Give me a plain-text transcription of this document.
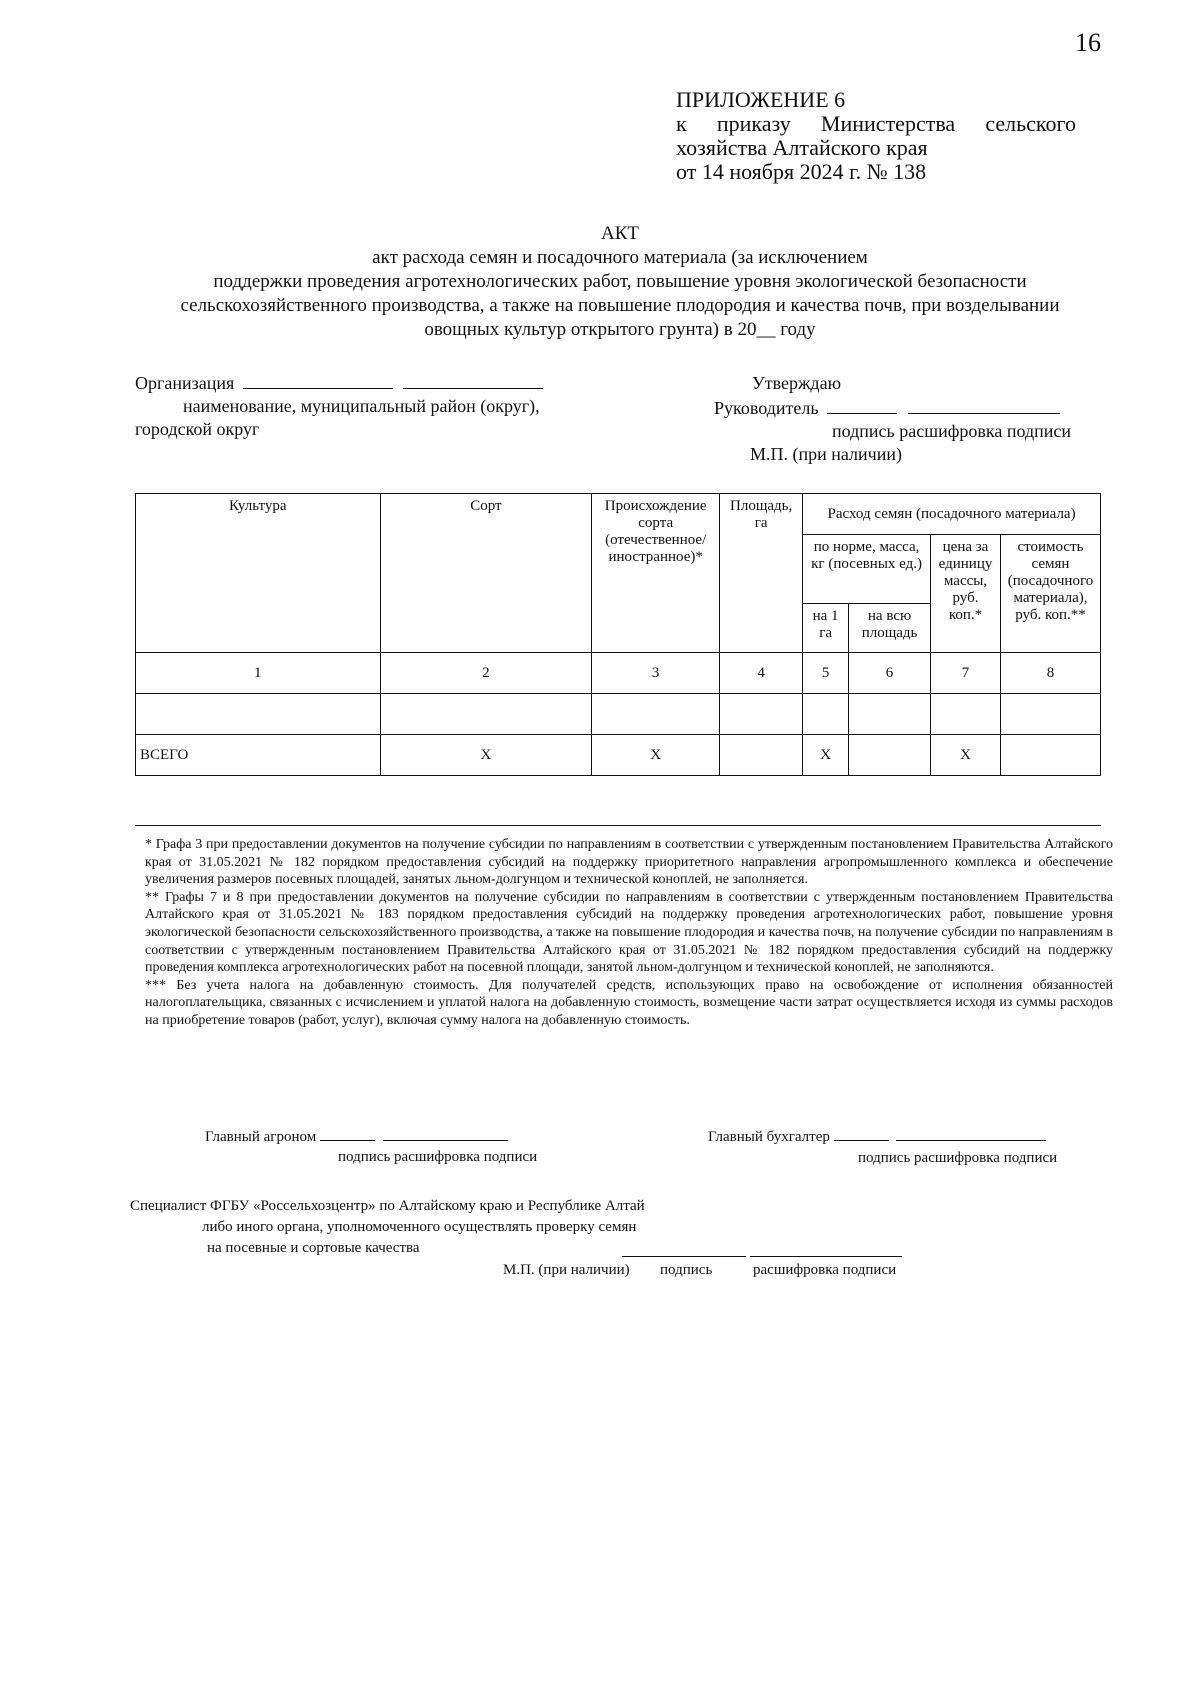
16
ПРИЛОЖЕНИЕ 6
к приказу Министерства сельского
хозяйства Алтайского края
от 14 ноября 2024 г. № 138
АКТ
акт расхода семян и посадочного материала (за исключением
поддержки проведения агротехнологических работ, повышение уровня экологической безопасности
сельскохозяйственного производства, а также на повышение плодородия и качества почв, при возделывании
овощных культур открытого грунта) в 20__ году
Организация
наименование, муниципальный район (округ),
городской округ
Утверждаю
Руководитель
подпись расшифровка подписи
М.П. (при наличии)
Культура	Сорт	Происхождение сорта (отечественное/ иностранное)*	Площадь, га	Расход семян (посадочного материала)			
				по норме, масса, кг (посевных ед.)		цена за единицу массы, руб. коп.*	стоимость семян (посадочного материала), руб. коп.**
				на 1 га	на всю площадь		
1	2	3	4	5	6	7	8

ВСЕГО	X	X		X		X	

* Графа 3 при предоставлении документов на получение субсидии по направлениям в соответствии с утвержденным постановлением Правительства Алтайского края от 31.05.2021 № 182 порядком предоставления субсидий на поддержку приоритетного направления агропромышленного комплекса и обеспечение увеличения размеров посевных площадей, занятых льном-долгунцом и технической коноплей, не заполняется.

** Графы 7 и 8 при предоставлении документов на получение субсидии по направлениям в соответствии с утвержденным постановлением Правительства Алтайского края от 31.05.2021 № 183 порядком предоставления субсидий на поддержку проведения агротехнологических работ, повышение уровня экологической безопасности сельскохозяйственного производства, а также на повышение плодородия и качества почв, на получение субсидии по направлениям в соответствии с утвержденным постановлением Правительства Алтайского края от 31.05.2021 № 182 порядком предоставления субсидий на поддержку проведения комплекса агротехнологических работ на посевной площади, занятой льном-долгунцом и технической коноплей, не заполняются.

*** Без учета налога на добавленную стоимость. Для получателей средств, использующих право на освобождение от исполнения обязанностей налогоплательщика, связанных с исчислением и уплатой налога на добавленную стоимость, возмещение части затрат осуществляется исходя из суммы расходов на приобретение товаров (работ, услуг), включая сумму налога на добавленную стоимость.

Главный агроном
подпись расшифровка подписи
Главный бухгалтер
подпись расшифровка подписи
Специалист ФГБУ «Россельхозцентр» по Алтайскому краю и Республике Алтай
либо иного органа, уполномоченного осуществлять проверку семян
на посевные и сортовые качества
М.П. (при наличии) подпись	расшифровка подписи
